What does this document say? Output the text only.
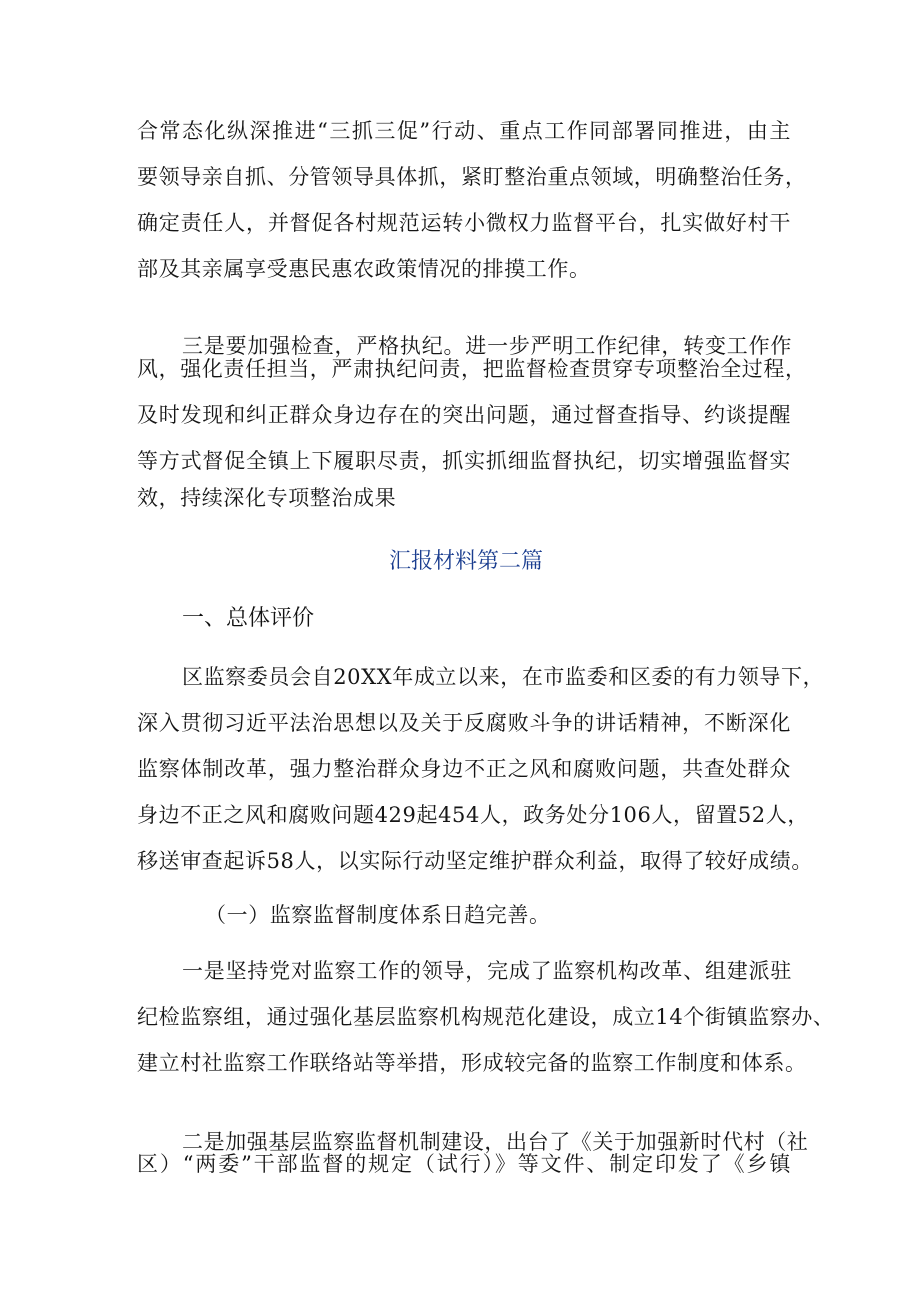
合常态化纵深推进“三抓三促”行动、重点工作同部署同推进，由主
要领导亲自抓、分管领导具体抓，紧盯整治重点领域，明确整治任务，
确定责任人，并督促各村规范运转小微权力监督平台，扎实做好村干
部及其亲属享受惠民惠农政策情况的排摸工作。
三是要加强检查，严格执纪。进一步严明工作纪律，转变工作作
风，强化责任担当，严肃执纪问责，把监督检查贯穿专项整治全过程，
及时发现和纠正群众身边存在的突出问题，通过督查指导、约谈提醒
等方式督促全镇上下履职尽责，抓实抓细监督执纪，切实增强监督实
效，持续深化专项整治成果
汇报材料第二篇
一、总体评价
区监察委员会自20XX年成立以来，在市监委和区委的有力领导下，
深入贯彻习近平法治思想以及关于反腐败斗争的讲话精神，不断深化
监察体制改革，强力整治群众身边不正之风和腐败问题，共查处群众
身边不正之风和腐败问题429起454人，政务处分106人，留置52人，
移送审查起诉58人，以实际行动坚定维护群众利益，取得了较好成绩。
（一）监察监督制度体系日趋完善。
一是坚持党对监察工作的领导，完成了监察机构改革、组建派驻
纪检监察组，通过强化基层监察机构规范化建设，成立14个街镇监察办、
建立村社监察工作联络站等举措，形成较完备的监察工作制度和体系。
二是加强基层监察监督机制建设，出台了《关于加强新时代村（社
区）“两委”干部监督的规定（试行）》等文件、制定印发了《乡镇
